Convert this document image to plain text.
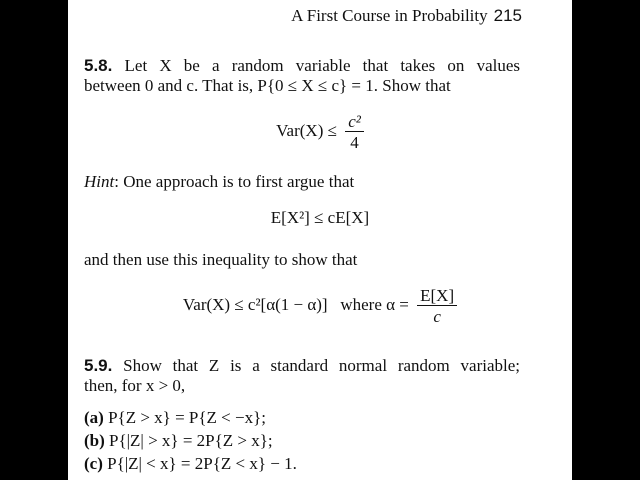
A First Course in Probability 215
5.8. Let X be a random variable that takes on values
between 0 and c. That is, P{0 ≤ X ≤ c} = 1. Show that
$Var(X) \le \frac{\text{c²}}{4}$
Hint: One approach is to first argue that
E[X²] ≤ cE[X]
and then use this inequality to show that
Var(X) ≤ c²[α(1 − α)] where $\alpha = \frac{E[X]}{c}$
5.9. Show that Z is a standard normal random variable;
then, for x > 0,
(a) P{Z > x} = P{Z < −x};
(b) P{|Z| > x} = 2P{Z > x};
(c) P{|Z| < x} = 2P{Z < x} − 1.
